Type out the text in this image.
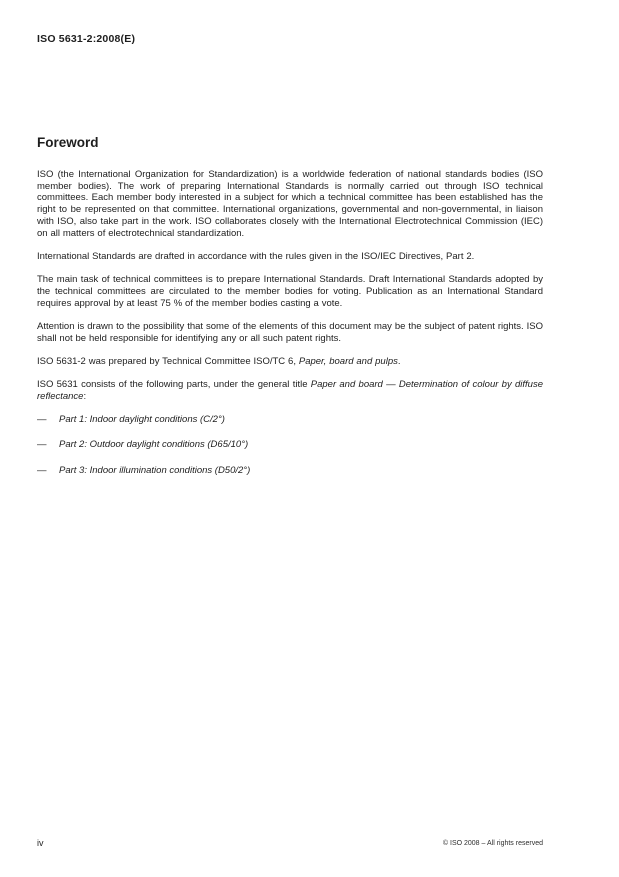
ISO 5631-2:2008(E)
Foreword

ISO (the International Organization for Standardization) is a worldwide federation of national standards bodies (ISO member bodies). The work of preparing International Standards is normally carried out through ISO technical committees. Each member body interested in a subject for which a technical committee has been established has the right to be represented on that committee. International organizations, governmental and non-governmental, in liaison with ISO, also take part in the work. ISO collaborates closely with the International Electrotechnical Commission (IEC) on all matters of electrotechnical standardization.

International Standards are drafted in accordance with the rules given in the ISO/IEC Directives, Part 2.

The main task of technical committees is to prepare International Standards. Draft International Standards adopted by the technical committees are circulated to the member bodies for voting. Publication as an International Standard requires approval by at least 75 % of the member bodies casting a vote.

Attention is drawn to the possibility that some of the elements of this document may be the subject of patent rights. ISO shall not be held responsible for identifying any or all such patent rights.

ISO 5631-2 was prepared by Technical Committee ISO/TC 6, Paper, board and pulps.

ISO 5631 consists of the following parts, under the general title Paper and board — Determination of colour by diffuse reflectance:

— Part 1: Indoor daylight conditions (C/2°)
— Part 2: Outdoor daylight conditions (D65/10°)
— Part 3: Indoor illumination conditions (D50/2°)
iv	© ISO 2008 – All rights reserved
